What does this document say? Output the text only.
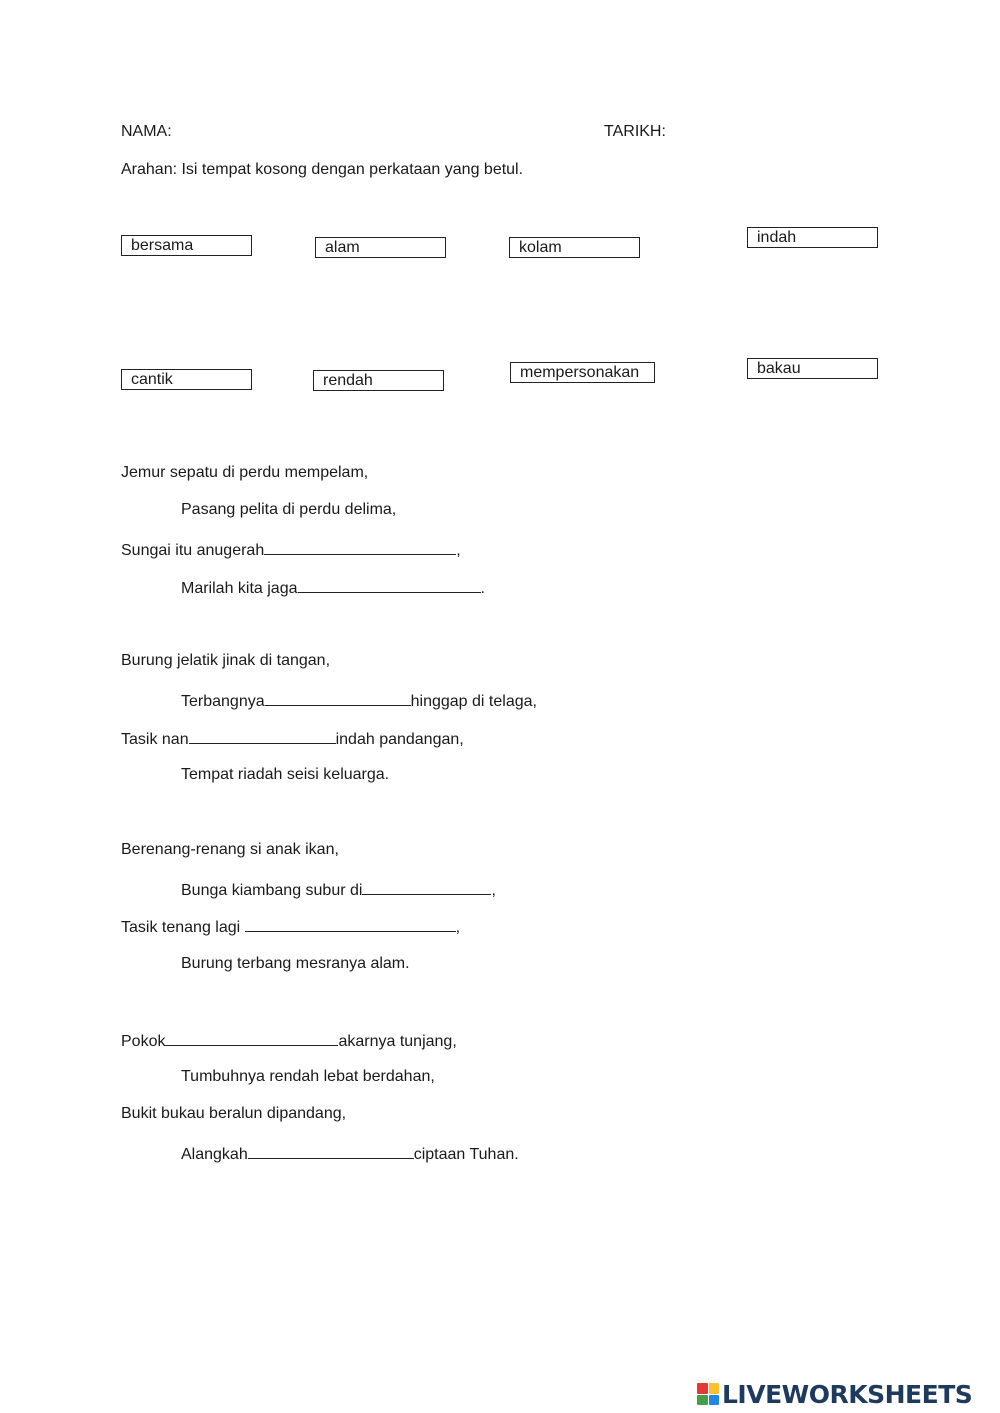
NAMA:	TARIKH:
Arahan: Isi tempat kosong dengan perkataan yang betul.
bersama	alam	kolam
indah
cantik	rendah	mempersonakan	bakau
Jemur sepatu di perdu mempelam,
Pasang pelita di perdu delima,
Sungai itu anugerah	,
Marilah kita jaga	.
Burung jelatik jinak di tangan,
Terbangnya	hinggap di telaga,
Tasik nan	indah pandangan,
Tempat riadah seisi keluarga.
Berenang-renang si anak ikan,
Bunga kiambang subur di	,
Tasik tenang lagi	,
Burung terbang mesranya alam.
Pokok	akarnya tunjang,
Tumbuhnya rendah lebat berdahan,
Bukit bukau beralun dipandang,
Alangkah	ciptaan Tuhan.
LIVEWORKSHEETS
